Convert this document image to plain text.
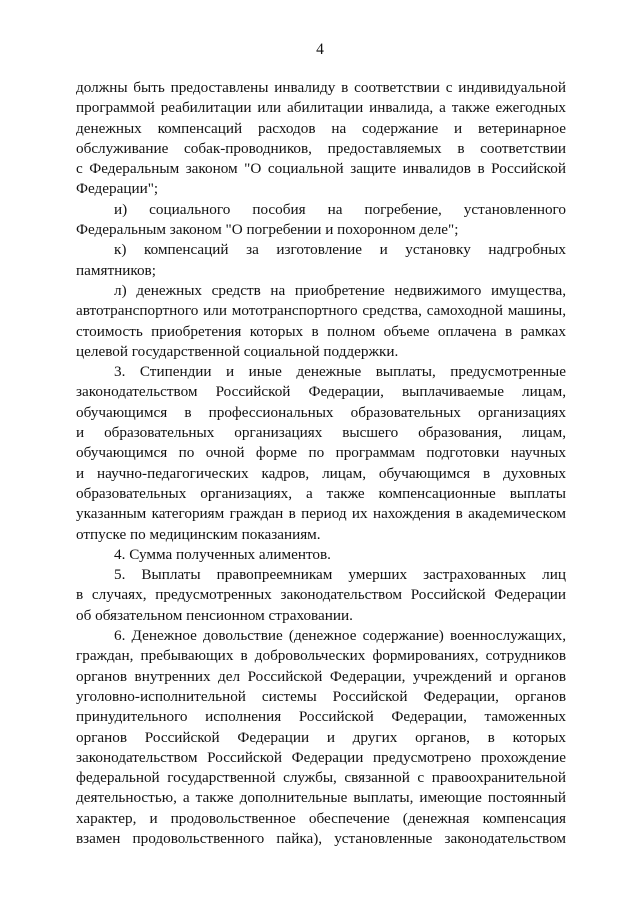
4

должны быть предоставлены инвалиду в соответствии с индивидуальной
программой реабилитации или абилитации инвалида, а также ежегодных
денежных компенсаций расходов на содержание и ветеринарное
обслуживание собак-проводников, предоставляемых в соответствии
с Федеральным законом "О социальной защите инвалидов в Российской
Федерации";

и) социального пособия на погребение, установленного
Федеральным законом "О погребении и похоронном деле";

к) компенсаций за изготовление и установку надгробных
памятников;

л) денежных средств на приобретение недвижимого имущества,
автотранспортного или мототранспортного средства, самоходной машины,
стоимость приобретения которых в полном объеме оплачена в рамках
целевой государственной социальной поддержки.

3. Стипендии и иные денежные выплаты, предусмотренные
законодательством Российской Федерации, выплачиваемые лицам,
обучающимся в профессиональных образовательных организациях
и образовательных организациях высшего образования, лицам,
обучающимся по очной форме по программам подготовки научных
и научно-педагогических кадров, лицам, обучающимся в духовных
образовательных организациях, а также компенсационные выплаты
указанным категориям граждан в период их нахождения в академическом
отпуске по медицинским показаниям.

4. Сумма полученных алиментов.

5. Выплаты правопреемникам умерших застрахованных лиц
в случаях, предусмотренных законодательством Российской Федерации
об обязательном пенсионном страховании.

6. Денежное довольствие (денежное содержание) военнослужащих,
граждан, пребывающих в добровольческих формированиях, сотрудников
органов внутренних дел Российской Федерации, учреждений и органов
уголовно-исполнительной системы Российской Федерации, органов
принудительного исполнения Российской Федерации, таможенных
органов Российской Федерации и других органов, в которых
законодательством Российской Федерации предусмотрено прохождение
федеральной государственной службы, связанной с правоохранительной
деятельностью, а также дополнительные выплаты, имеющие постоянный
характер, и продовольственное обеспечение (денежная компенсация
взамен продовольственного пайка), установленные законодательством
